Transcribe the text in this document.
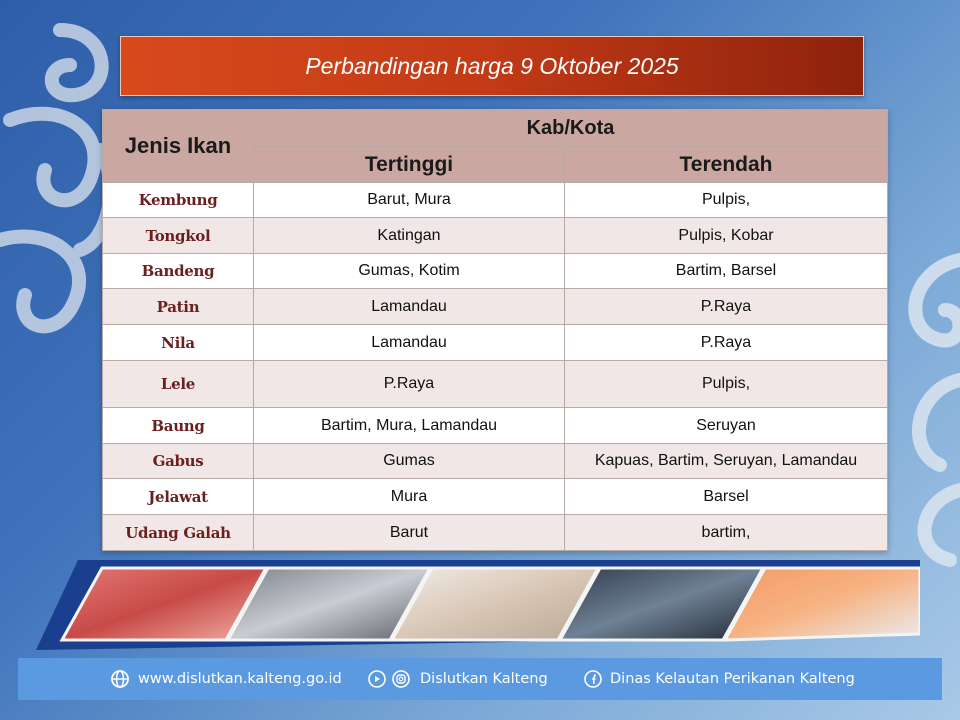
Perbandingan harga 9 Oktober 2025
Jenis Ikan	Kab/Kota	
	Tertinggi	Terendah
Kembung	Barut, Mura	Pulpis,
Tongkol	Katingan	Pulpis, Kobar
Bandeng	Gumas, Kotim	Bartim, Barsel
Patin	Lamandau	P.Raya
Nila	Lamandau	P.Raya
Lele	P.Raya	Pulpis,
Baung	Bartim, Mura, Lamandau	Seruyan
Gabus	Gumas	Kapuas, Bartim, Seruyan, Lamandau
Jelawat	Mura	Barsel
Udang Galah	Barut	bartim,
www.dislutkan.kalteng.go.id	Dislutkan Kalteng	Dinas Kelautan Perikanan Kalteng
